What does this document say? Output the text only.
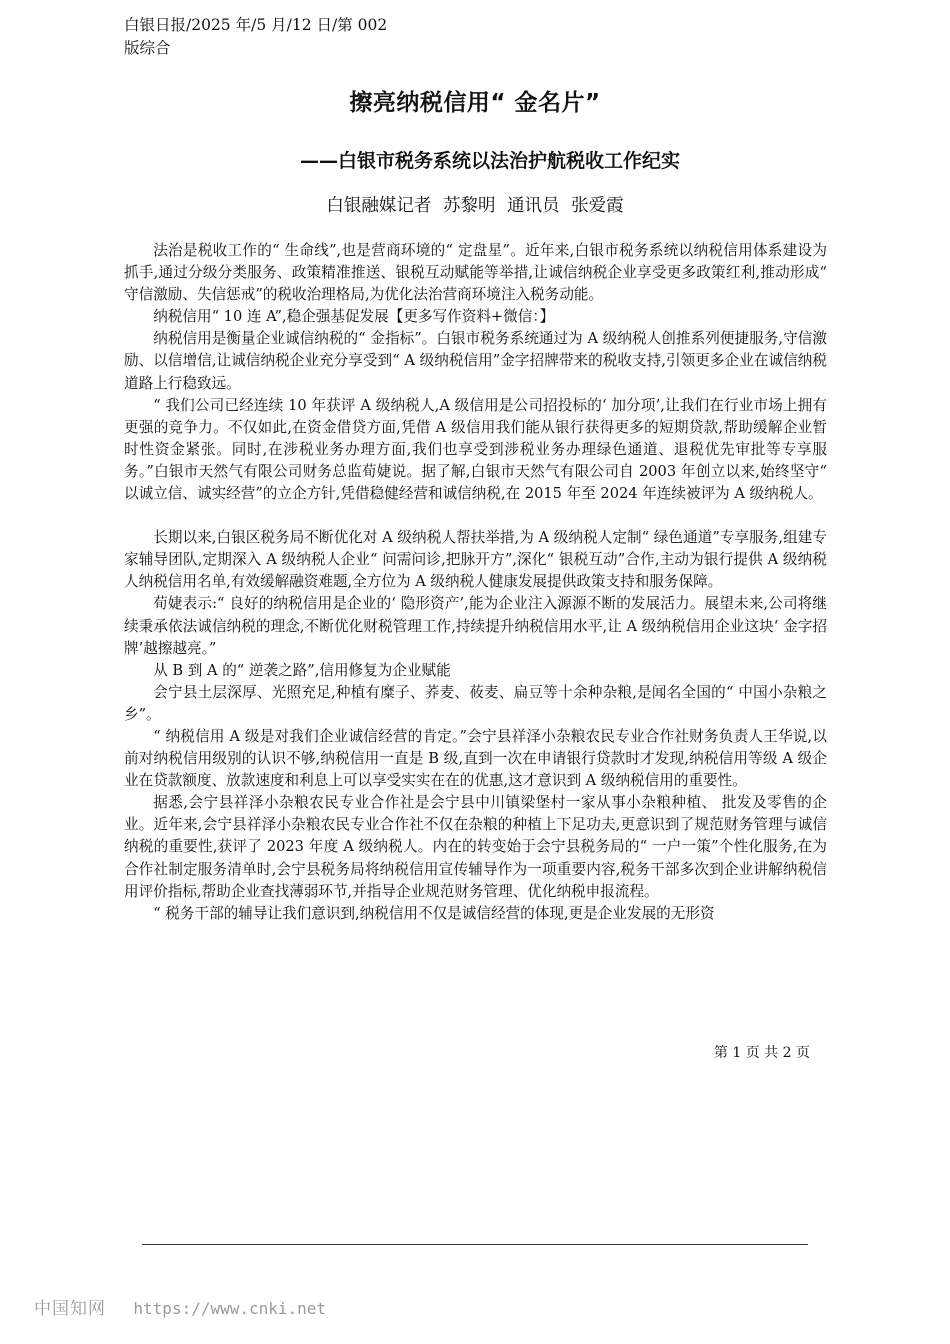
白银日报/2025 年/5 月/12 日/第 002 版综合
擦亮纳税信用“ 金名片”
——白银市税务系统以法治护航税收工作纪实
白银融媒记者 苏黎明 通讯员 张爱霞

法治是税收工作的“ 生命线”,也是营商环境的“ 定盘星”。近年来,白银市税务系统以纳税信用体系建设为抓手,通过分级分类服务、政策精准推送、银税互动赋能等举措,让诚信纳税企业享受更多政策红利,推动形成“ 守信激励、失信惩戒”的税收治理格局,为优化法治营商环境注入税务动能。

纳税信用“ 10 连 A”,稳企强基促发展【更多写作资料+微信：】

纳税信用是衡量企业诚信纳税的“ 金指标”。白银市税务系统通过为 A 级纳税人创推系列便捷服务,守信激励、以信增信,让诚信纳税企业充分享受到“ A 级纳税信用”金字招牌带来的税收支持,引领更多企业在诚信纳税道路上行稳致远。

“ 我们公司已经连续 10 年获评 A 级纳税人,A 级信用是公司招投标的‘ 加分项’,让我们在行业市场上拥有更强的竞争力。不仅如此,在资金借贷方面,凭借 A 级信用我们能从银行获得更多的短期贷款,帮助缓解企业暂时性资金紧张。同时,在涉税业务办理方面,我们也享受到涉税业务办理绿色通道、退税优先审批等专享服务。”白银市天然气有限公司财务总监荀婕说。据了解,白银市天然气有限公司自 2003 年创立以来,始终坚守“ 以诚立信、诚实经营”的立企方针,凭借稳健经营和诚信纳税,在 2015 年至 2024 年连续被评为 A 级纳税人。

长期以来,白银区税务局不断优化对 A 级纳税人帮扶举措,为 A 级纳税人定制“ 绿色通道”专享服务,组建专家辅导团队,定期深入 A 级纳税人企业“ 问需问诊,把脉开方”,深化“ 银税互动”合作,主动为银行提供 A 级纳税人纳税信用名单,有效缓解融资难题,全方位为 A 级纳税人健康发展提供政策支持和服务保障。

荀婕表示:“ 良好的纳税信用是企业的‘ 隐形资产’,能为企业注入源源不断的发展活力。展望未来,公司将继续秉承依法诚信纳税的理念,不断优化财税管理工作,持续提升纳税信用水平,让 A 级纳税信用企业这块‘ 金字招牌’越擦越亮。”

从 B 到 A 的“ 逆袭之路”,信用修复为企业赋能

会宁县土层深厚、光照充足,种植有糜子、荞麦、莜麦、扁豆等十余种杂粮,是闻名全国的“ 中国小杂粮之乡”。

“ 纳税信用 A 级是对我们企业诚信经营的肯定。”会宁县祥泽小杂粮农民专业合作社财务负责人王华说,以前对纳税信用级别的认识不够,纳税信用一直是 B 级,直到一次在申请银行贷款时才发现,纳税信用等级 A 级企业在贷款额度、放款速度和利息上可以享受实实在在的优惠,这才意识到 A 级纳税信用的重要性。

据悉,会宁县祥泽小杂粮农民专业合作社是会宁县中川镇梁堡村一家从事小杂粮种植、 批发及零售的企业。近年来,会宁县祥泽小杂粮农民专业合作社不仅在杂粮的种植上下足功夫,更意识到了规范财务管理与诚信纳税的重要性,获评了 2023 年度 A 级纳税人。内在的转变始于会宁县税务局的“ 一户一策”个性化服务,在为合作社制定服务清单时,会宁县税务局将纳税信用宣传辅导作为一项重要内容,税务干部多次到企业讲解纳税信用评价指标,帮助企业查找薄弱环节,并指导企业规范财务管理、优化纳税申报流程。

“ 税务干部的辅导让我们意识到,纳税信用不仅是诚信经营的体现,更是企业发展的无形资

第 1 页 共 2 页
中国知网 https://www.cnki.net
